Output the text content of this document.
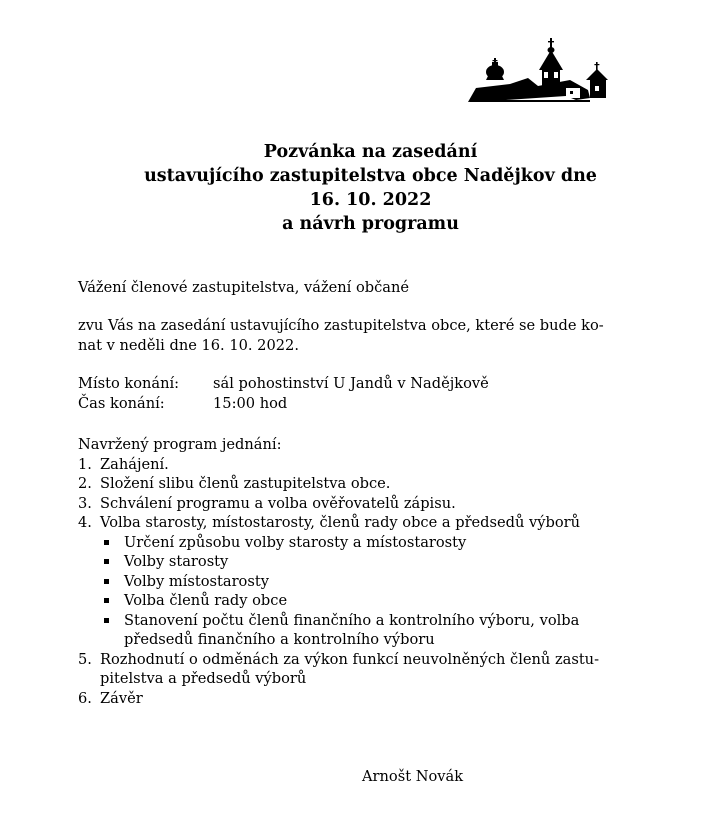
Pozvánka na zasedání
ustavujícího zastupitelstva obce Nadějkov dne
16. 10. 2022
a návrh programu
Vážení členové zastupitelstva, vážení občané
zvu Vás na zasedání ustavujícího zastupitelstva obce, které se bude ko-
nat v neděli dne 16. 10. 2022.
Místo konání: sál pohostinství U Jandů v Nadějkově
Čas konání:	15:00 hod
Navržený program jednání:
1. Zahájení.
2. Složení slibu členů zastupitelstva obce.
3. Schválení programu a volba ověřovatelů zápisu.
4. Volba starosty, místostarosty, členů rady obce a předsedů výborů
Určení způsobu volby starosty a místostarosty
Volby starosty
Volby místostarosty
Volba členů rady obce
Stanovení počtu členů finančního a kontrolního výboru, volba
předsedů finančního a kontrolního výboru
5. Rozhodnutí o odměnách za výkon funkcí neuvolněných členů zastu-
pitelstva a předsedů výborů
6. Závěr
Arnošt Novák
